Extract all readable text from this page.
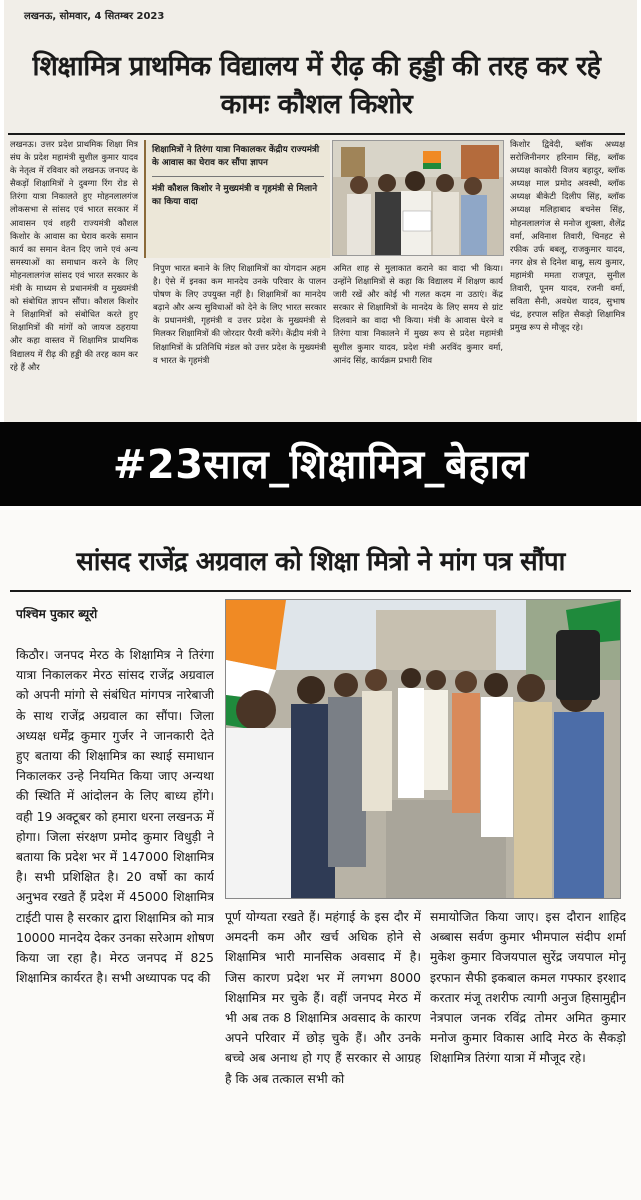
लखनऊ, सोमवार, 4 सितम्बर 2023
शिक्षामित्र प्राथमिक विद्यालय में रीढ़ की हड्डी की तरह कर रहे कामः कौशल किशोर
लखनऊ। उत्तर प्रदेश प्राथमिक शिक्षा मित्र संघ के प्रदेश महामंत्री सुशील कुमार यादव के नेतृत्व में रविवार को लखनऊ जनपद के सैकड़ों शिक्षामित्रों ने दुबग्गा रिंग रोड से तिरंगा यात्रा निकालते हुए मोहनलालगंज लोकसभा से सांसद एवं भारत सरकार में आवासन एवं शहरी राज्यमंत्री कौशल किशोर के आवास का घेराव करके समान कार्य का समान वेतन दिए जाने एवं अन्य समस्याओं का समाधान करने के लिए मोहनलालगंज सांसद एवं भारत सरकार के मंत्री के माध्यम से प्रधानमंत्री व मुख्यमंत्री को संबोधित ज्ञापन सौंपा। कौशल किशोर ने शिक्षामित्रों को संबोधित करते हुए शिक्षामित्रों की मांगों को जायज ठहराया और कहा वास्तव में शिक्षामित्र प्राथमिक विद्यालय में रीढ़ की हड्डी की तरह काम कर रहे हैं और
शिक्षामित्रों ने तिरंगा यात्रा निकालकर केंद्रीय राज्यमंत्री के आवास का घेराव कर सौंपा ज्ञापन
मंत्री कौशल किशोर ने मुख्यमंत्री व गृहमंत्री से मिलाने का किया वादा
निपुण भारत बनाने के लिए शिक्षामित्रों का योगदान अहम है। ऐसे में इनका कम मानदेय उनके परिवार के पालन पोषण के लिए उपयुक्त नहीं है। शिक्षामित्रों का मानदेय बढ़ाने और अन्य सुविधाओं को देने के लिए भारत सरकार के प्रधानमंत्री, गृहमंत्री व उत्तर प्रदेश के मुख्यमंत्री से मिलकर शिक्षामित्रों की जोरदार पैरवी करेंगे। केंद्रीय मंत्री ने शिक्षामित्रों के प्रतिनिधि मंडल को उत्तर प्रदेश के मुख्यमंत्री व भारत के गृहमंत्री
अमित शाह से मुलाकात कराने का वादा भी किया। उन्होंने शिक्षामित्रों से कहा कि विद्यालय में शिक्षण कार्य जारी रखें और कोई भी गलत कदम ना उठाएं। केंद्र सरकार से शिक्षामित्रों के मानदेय के लिए समय से ग्रांट दिलवाने का वादा भी किया। मंत्री के आवास घेरने व तिरंगा यात्रा निकालने में मुख्य रूप से प्रदेश महामंत्री सुशील कुमार यादव, प्रदेश मंत्री अरविंद कुमार वर्मा, आनंद सिंह, कार्यक्रम प्रभारी शिव
किशोर द्विवेदी, ब्लॉक अध्यक्ष सरोजिनीनगर हरिनाम सिंह, ब्लॉक अध्यक्ष काकोरी विजय बहादुर, ब्लॉक अध्यक्ष माल प्रमोद अवस्थी, ब्लॉक अध्यक्ष बीकेटी दिलीप सिंह, ब्लॉक अध्यक्ष मलिहाबाद बचनेस सिंह, मोहनलालगंज से मनोज शुक्ला, शैलेंद्र वर्मा, अविनाश तिवारी, चिनहट से रफीक उर्फ बबलू, राजकुमार यादव, नगर क्षेत्र से दिनेश बाबू, सत्य कुमार, महामंत्री ममता राजपूत, सुनील तिवारी, पूनम यादव, रजनी वर्मा, सविता सैनी, अवधेश यादव, सुभाष चंद्र, हरपाल सहित सैकड़ो शिक्षामित्र प्रमुख रूप से मौजूद रहे।
#23साल_शिक्षामित्र_बेहाल
सांसद राजेंद्र अग्रवाल को शिक्षा मित्रो ने मांग पत्र सौंपा
पश्चिम पुकार ब्यूरो
किठौर। जनपद मेरठ के शिक्षामित्र ने तिरंगा यात्रा निकालकर मेरठ सांसद राजेंद्र अग्रवाल को अपनी मांगो से संबंधित मांगपत्र नारेबाजी के साथ राजेंद्र अग्रवाल का सौंपा। जिला अध्यक्ष धर्मेंद्र कुमार गुर्जर ने जानकारी देते हुए बताया की शिक्षामित्र का स्थाई समाधान निकालकर उन्हे नियमित किया जाए अन्यथा की स्थिति में आंदोलन के लिए बाध्य होंगे। वही 19 अक्टूबर को हमारा धरना लखनऊ में होगा। जिला संरक्षण प्रमोद कुमार विधुड़ी ने बताया कि प्रदेश भर में 147000 शिक्षामित्र है। सभी प्रशिक्षित है। 20 वर्षो का कार्य अनुभव रखते हैं प्रदेश में 45000 शिक्षामित्र टाईटी पास है सरकार द्वारा शिक्षामित्र को मात्र 10000 मानदेय देकर उनका सरेआम शोषण किया जा रहा है। मेरठ जनपद में 825 शिक्षामित्र कार्यरत है। सभी अध्यापक पद की
पूर्ण योग्यता रखते हैं। महंगाई के इस दौर में अमदनी कम और खर्च अधिक होने से शिक्षामित्र भारी मानसिक अवसाद में है। जिस कारण प्रदेश भर में लगभग 8000 शिक्षामित्र मर चुके हैं। वहीं जनपद मेरठ में भी अब तक 8 शिक्षामित्र अवसाद के कारण अपने परिवार में छोड़ चुके हैं। और उनके बच्चे अब अनाथ हो गए हैं सरकार से आग्रह है कि अब तत्काल सभी को
समायोजित किया जाए। इस दौरान शाहिद अब्बास सर्वण कुमार भीमपाल संदीप शर्मा मुकेश कुमार विजयपाल सुरेंद्र जयपाल मोनू इरफान सैफी इकबाल कमल गफ्फार इरशाद करतार मंजू तशरीफ त्यागी अनुज हिसामुद्दीन नेत्रपाल जनक रविंद्र तोमर अमित कुमार मनोज कुमार विकास आदि मेरठ के सैकड़ो शिक्षामित्र तिरंगा यात्रा में मौजूद रहे।
